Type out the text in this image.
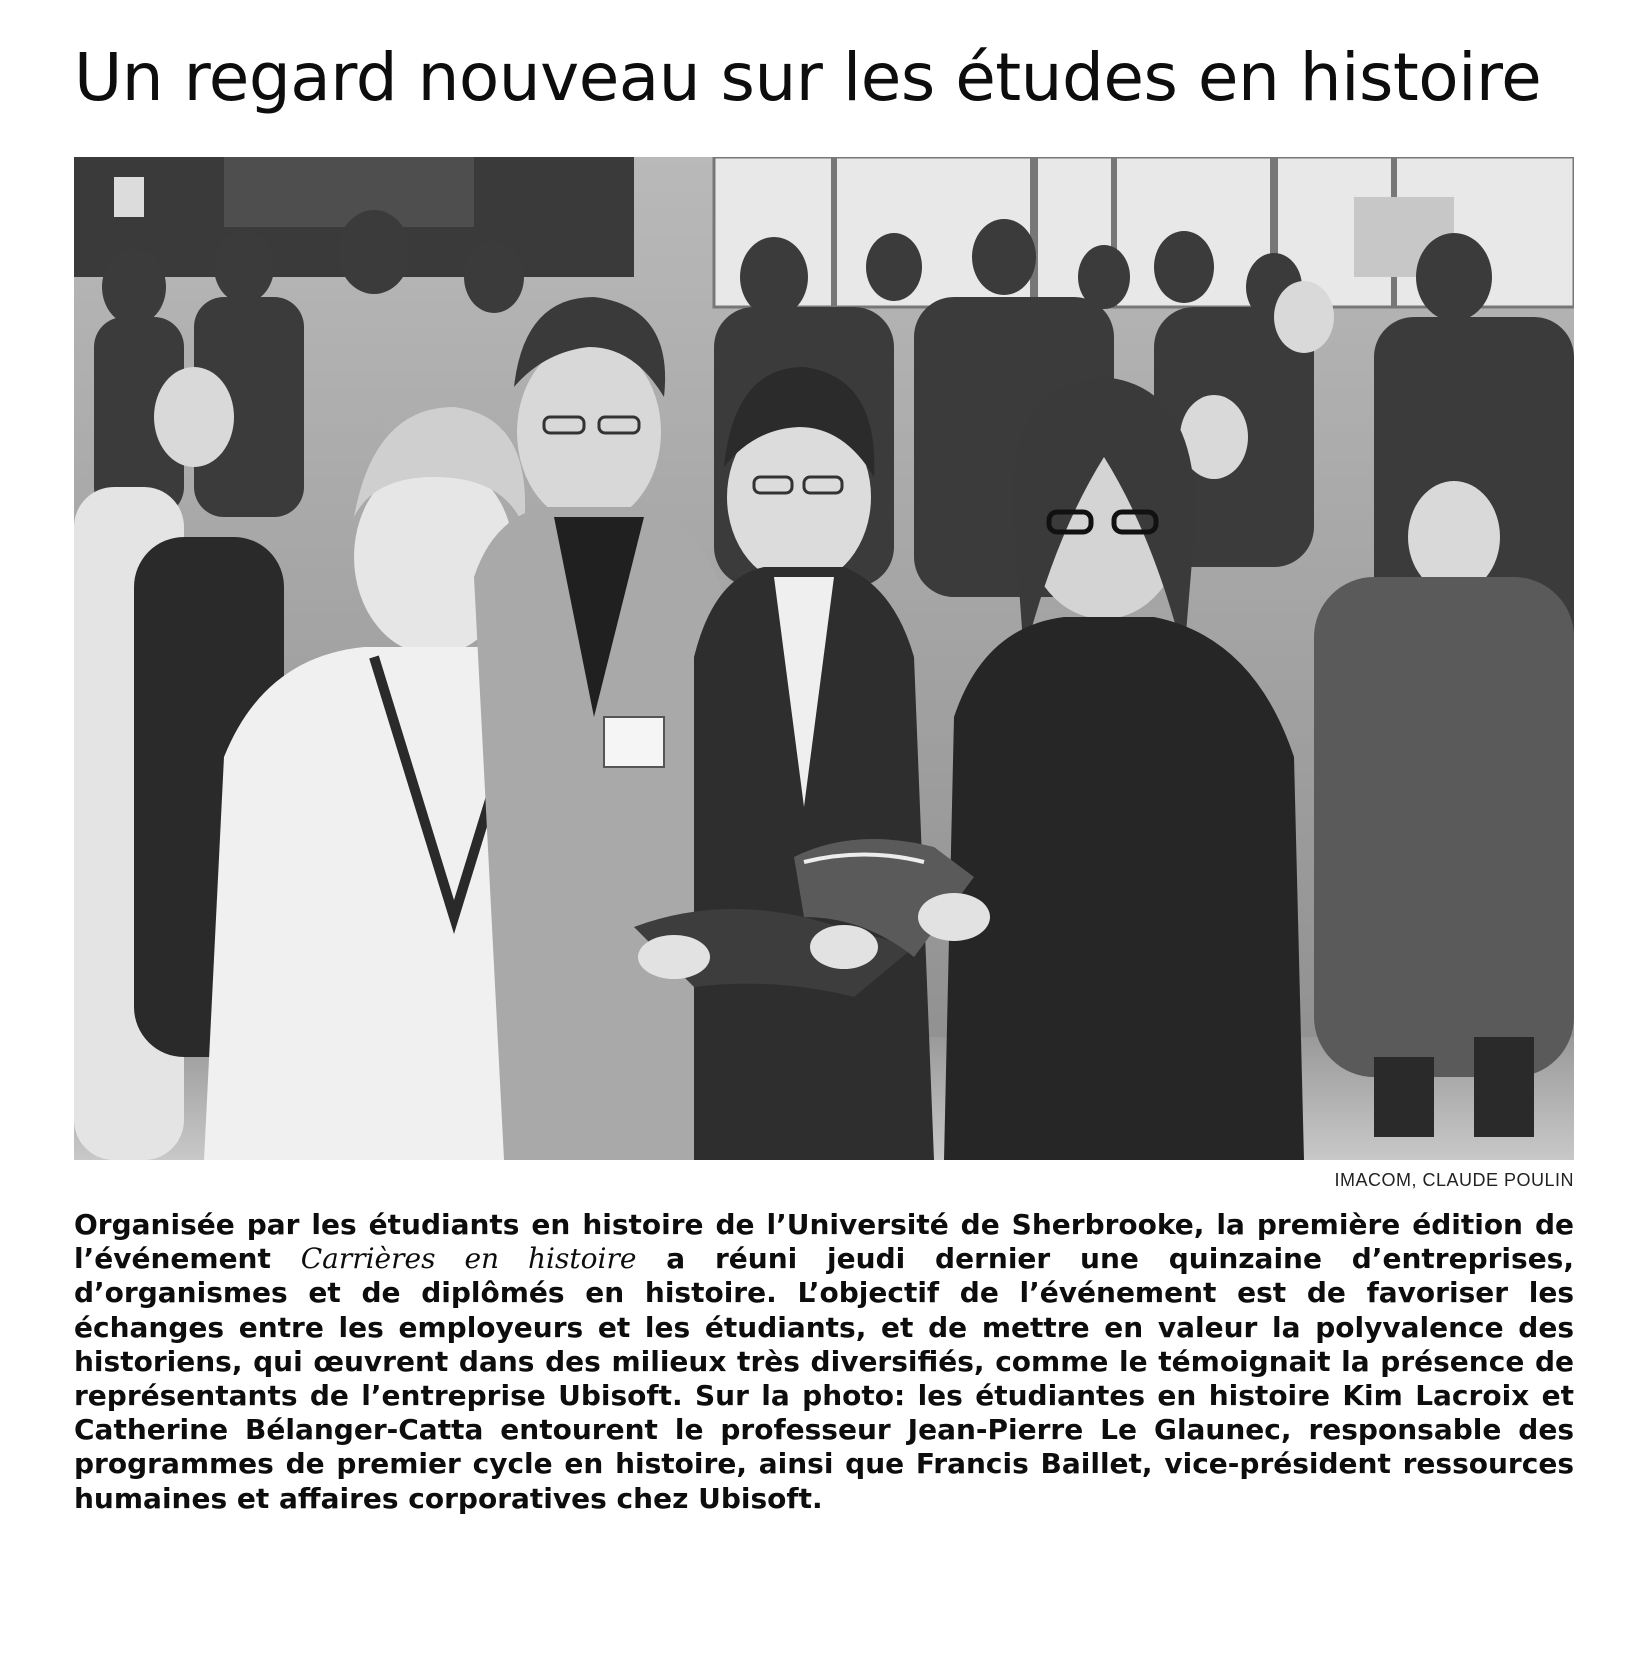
Un regard nouveau sur les études en histoire
IMACOM, CLAUDE POULIN

Organisée par les étudiants en histoire de l’Université de Sherbrooke, la première édition de l’événement Carrières en histoire a réuni jeudi dernier une quinzaine d’entreprises, d’organismes et de diplômés en histoire. L’objectif de l’événement est de favoriser les échanges entre les employeurs et les étudiants, et de mettre en valeur la polyvalence des historiens, qui œuvrent dans des milieux très diversifiés, comme le témoignait la présence de représentants de l’entreprise Ubisoft. Sur la photo: les étudiantes en histoire Kim Lacroix et Catherine Bélanger-Catta entourent le professeur Jean-Pierre Le Glaunec, responsable des programmes de premier cycle en histoire, ainsi que Francis Baillet, vice-président ressources humaines et affaires corporatives chez Ubisoft.
